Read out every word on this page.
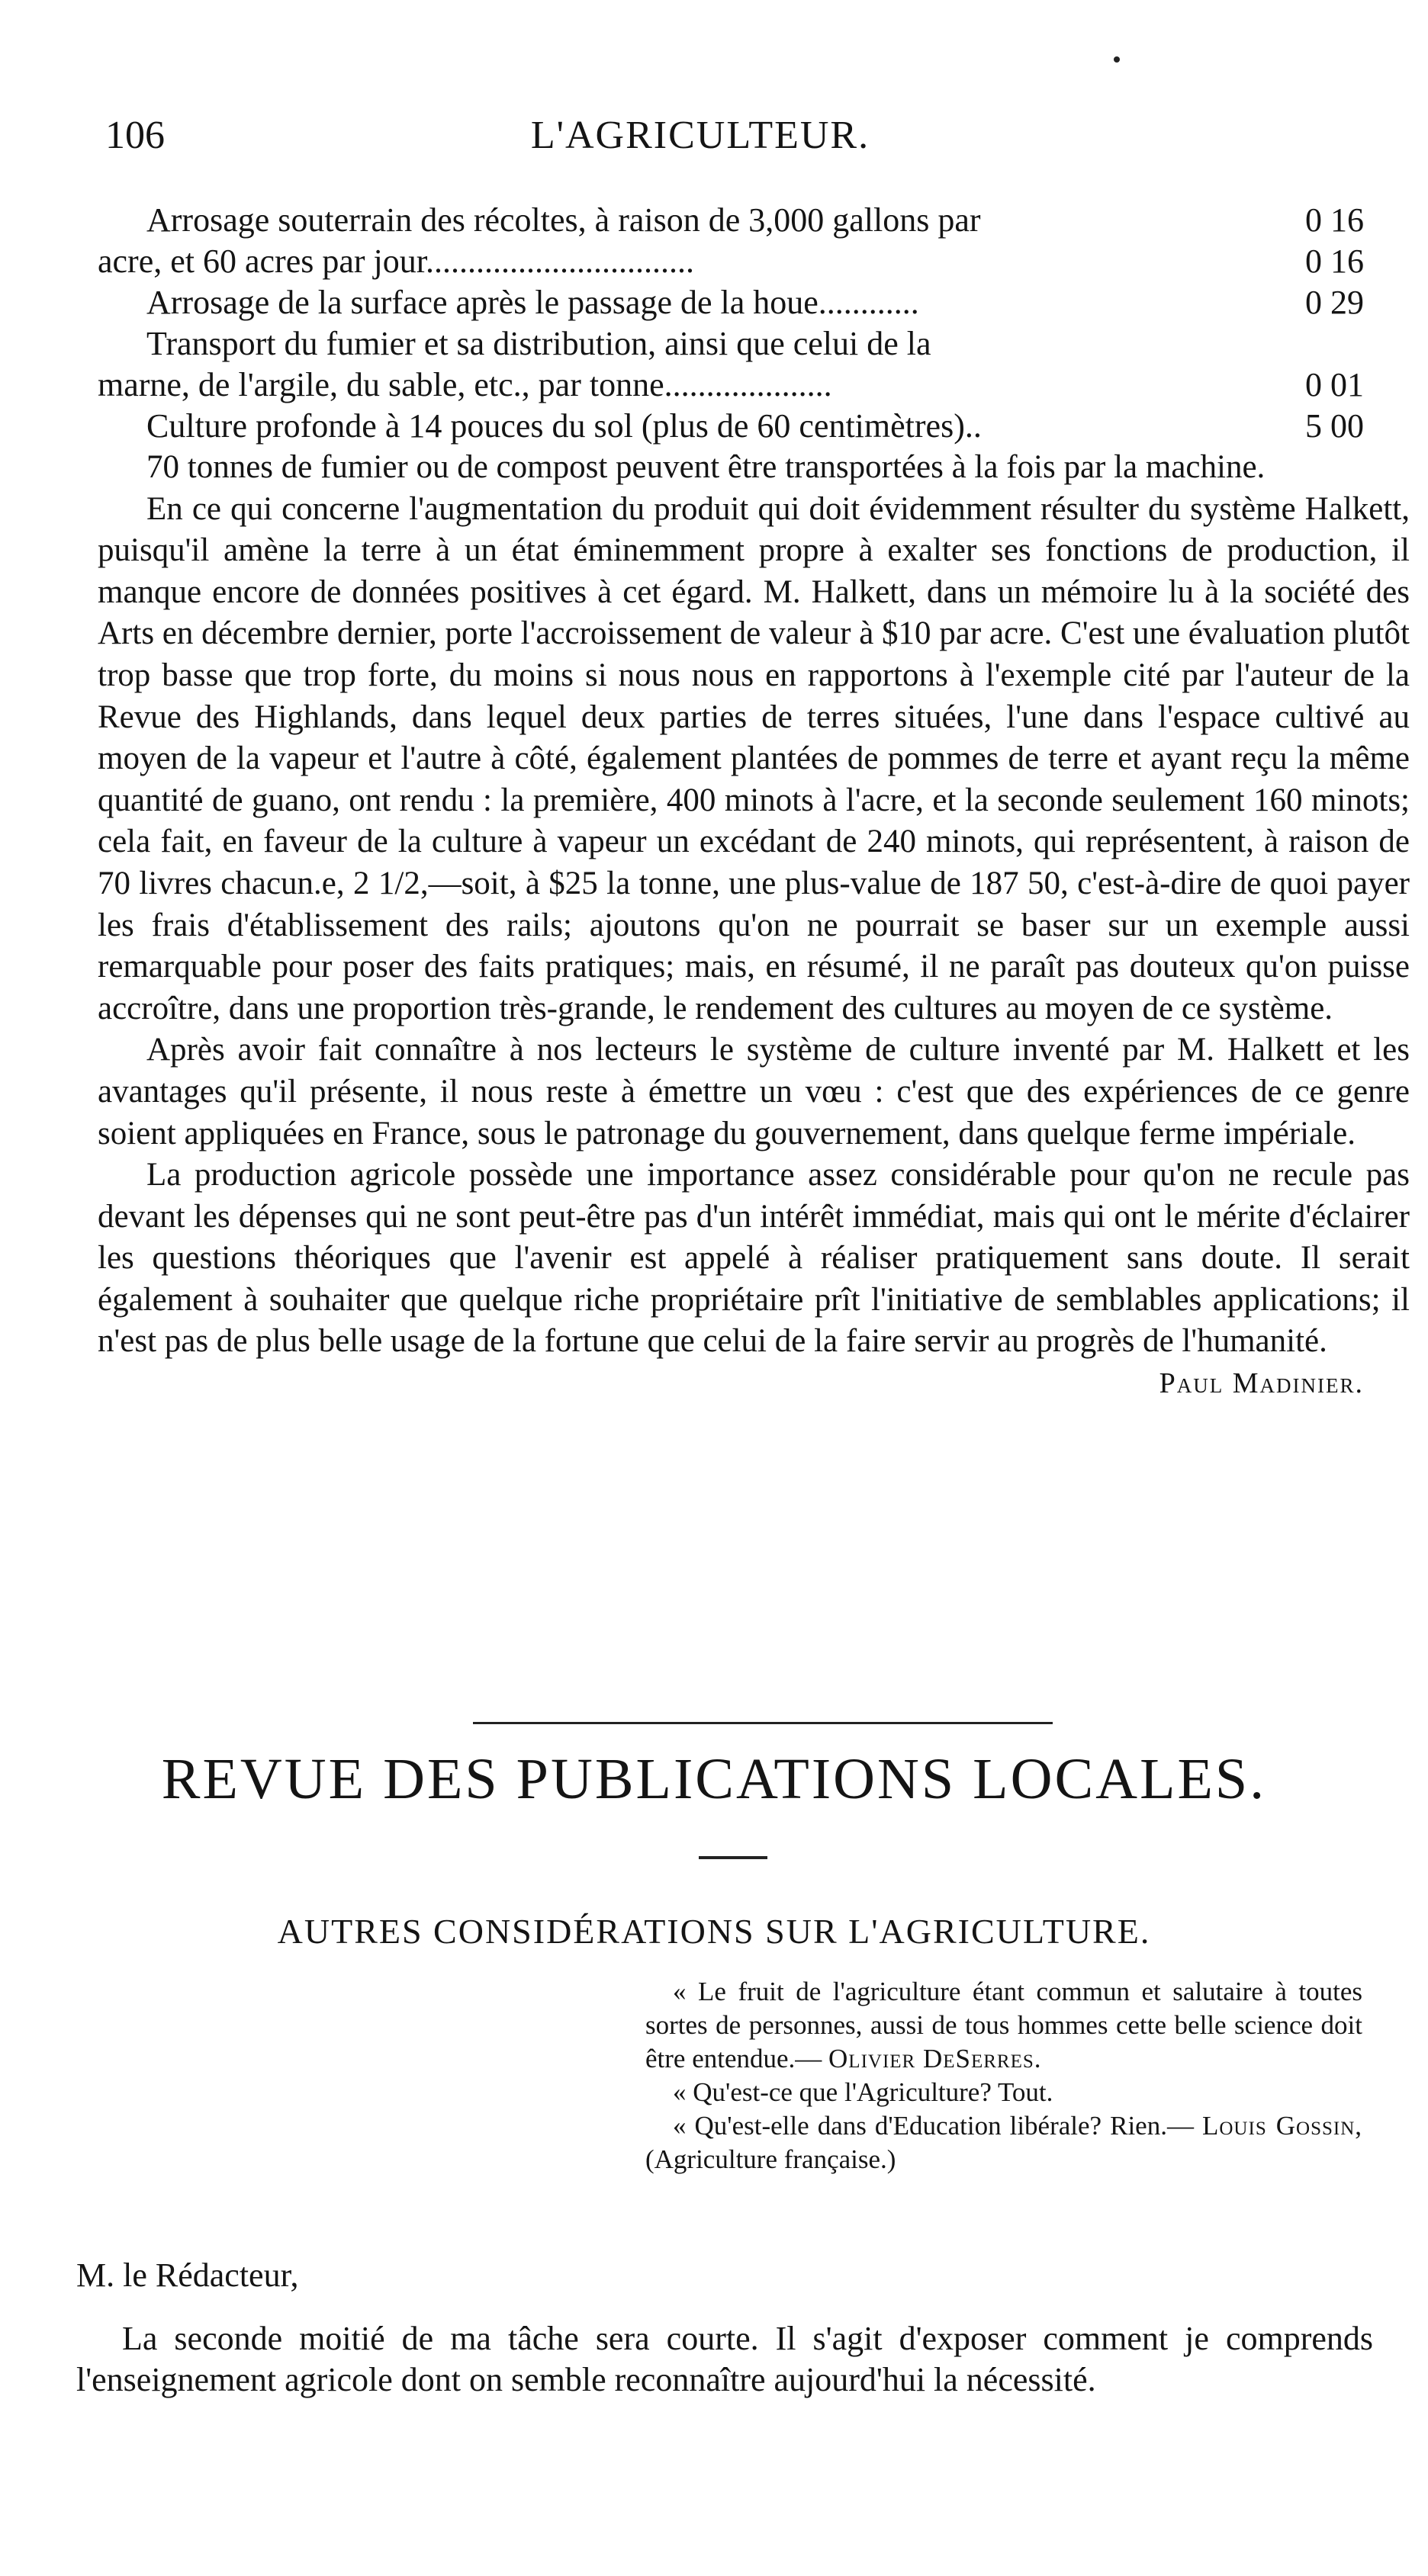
106	L'AGRICULTEUR.
Arrosage souterrain des récoltes, à raison de 3,000 gallons par	0 16
acre, et 60 acres par jour................................	0 16
Arrosage de la surface après le passage de la houe............	0 29
Transport du fumier et sa distribution, ainsi que celui de la
marne, de l'argile, du sable, etc., par tonne....................	0 01
Culture profonde à 14 pouces du sol (plus de 60 centimètres)..	5 00

70 tonnes de fumier ou de compost peuvent être transportées à la fois par la machine.

En ce qui concerne l'augmentation du produit qui doit évidemment résulter du système Halkett, puisqu'il amène la terre à un état éminemment propre à exalter ses fonctions de production, il manque encore de données positives à cet égard. M. Halkett, dans un mémoire lu à la société des Arts en décembre dernier, porte l'accroissement de valeur à $10 par acre. C'est une évaluation plutôt trop basse que trop forte, du moins si nous nous en rapportons à l'exemple cité par l'auteur de la Revue des Highlands, dans lequel deux parties de terres situées, l'une dans l'espace cultivé au moyen de la vapeur et l'autre à côté, également plantées de pommes de terre et ayant reçu la même quantité de guano, ont rendu : la première, 400 minots à l'acre, et la seconde seulement 160 minots; cela fait, en faveur de la culture à vapeur un excédant de 240 minots, qui représentent, à raison de 70 livres chacun.e, 2 1/2,—soit, à $25 la tonne, une plus-value de 187 50, c'est-à-dire de quoi payer les frais d'établissement des rails; ajoutons qu'on ne pourrait se baser sur un exemple aussi remarquable pour poser des faits pratiques; mais, en résumé, il ne paraît pas douteux qu'on puisse accroître, dans une proportion très-grande, le rendement des cultures au moyen de ce système.

Après avoir fait connaître à nos lecteurs le système de culture inventé par M. Halkett et les avantages qu'il présente, il nous reste à émettre un vœu : c'est que des expériences de ce genre soient appliquées en France, sous le patronage du gouvernement, dans quelque ferme impériale.

La production agricole possède une importance assez considérable pour qu'on ne recule pas devant les dépenses qui ne sont peut-être pas d'un intérêt immédiat, mais qui ont le mérite d'éclairer les questions théoriques que l'avenir est appelé à réaliser pratiquement sans doute. Il serait également à souhaiter que quelque riche propriétaire prît l'initiative de semblables applications; il n'est pas de plus belle usage de la fortune que celui de la faire servir au progrès de l'humanité.

Paul Madinier.
REVUE DES PUBLICATIONS LOCALES.
AUTRES CONSIDÉRATIONS SUR L'AGRICULTURE.

« Le fruit de l'agriculture étant commun et salutaire à toutes sortes de personnes, aussi de tous hommes cette belle science doit être entendue.— Olivier DeSerres.

« Qu'est-ce que l'Agriculture? Tout.

« Qu'est-elle dans d'Education libérale? Rien.— Louis Gossin, (Agriculture française.)

M. le Rédacteur,

La seconde moitié de ma tâche sera courte. Il s'agit d'exposer comment je comprends l'enseignement agricole dont on semble reconnaître aujourd'hui la nécessité.
